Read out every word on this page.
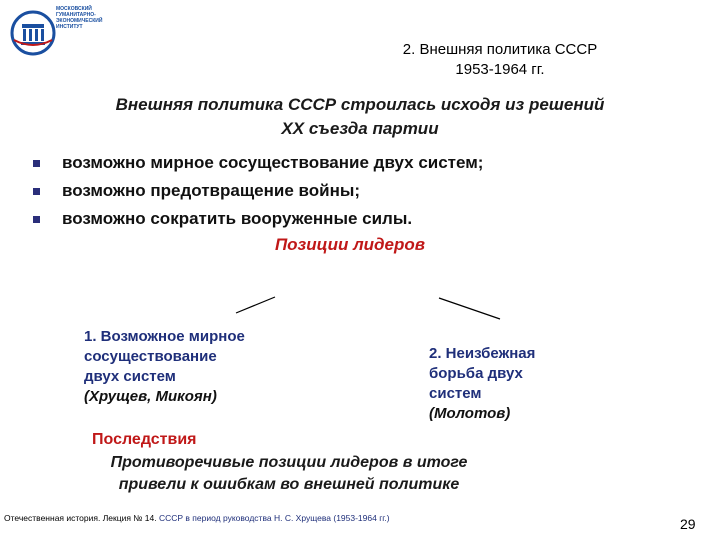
МОСКОВСКИЙ
ГУМАНИТАРНО-
ЭКОНОМИЧЕСКИЙ
ИНСТИТУТ
2. Внешняя политика СССР
1953-1964 гг.
Внешняя политика СССР строилась исходя из решений
XX съезда партии
возможно мирное сосуществование двух систем;
возможно предотвращение войны;
возможно сократить вооруженные силы.
Позиции лидеров
1. Возможное мирное
сосуществование
двух систем
(Хрущев, Микоян)
2. Неизбежная
борьба двух
систем
(Молотов)
Последствия
Противоречивые позиции лидеров в итоге
привели к ошибкам во внешней политике
Отечественная история. Лекция № 14. СССР в период руководства Н. С. Хрущева (1953-1964 гг.)	29
